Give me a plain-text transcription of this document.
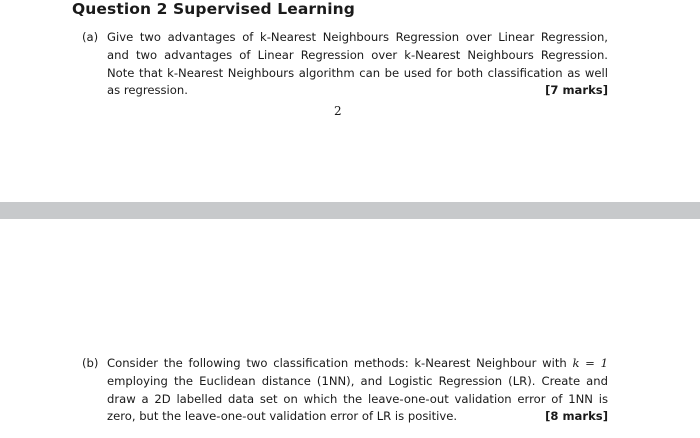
Question 2 Supervised Learning
(a) Give two advantages of k-Nearest Neighbours Regression over Linear Regression,
and two advantages of Linear Regression over k-Nearest Neighbours Regression.
Note that k-Nearest Neighbours algorithm can be used for both classification as well
as regression.	[7 marks]
2
(b) Consider the following two classification methods: k-Nearest Neighbour with k = 1
employing the Euclidean distance (1NN), and Logistic Regression (LR). Create and
draw a 2D labelled data set on which the leave-one-out validation error of 1NN is
zero, but the leave-one-out validation error of LR is positive.	[8 marks]
